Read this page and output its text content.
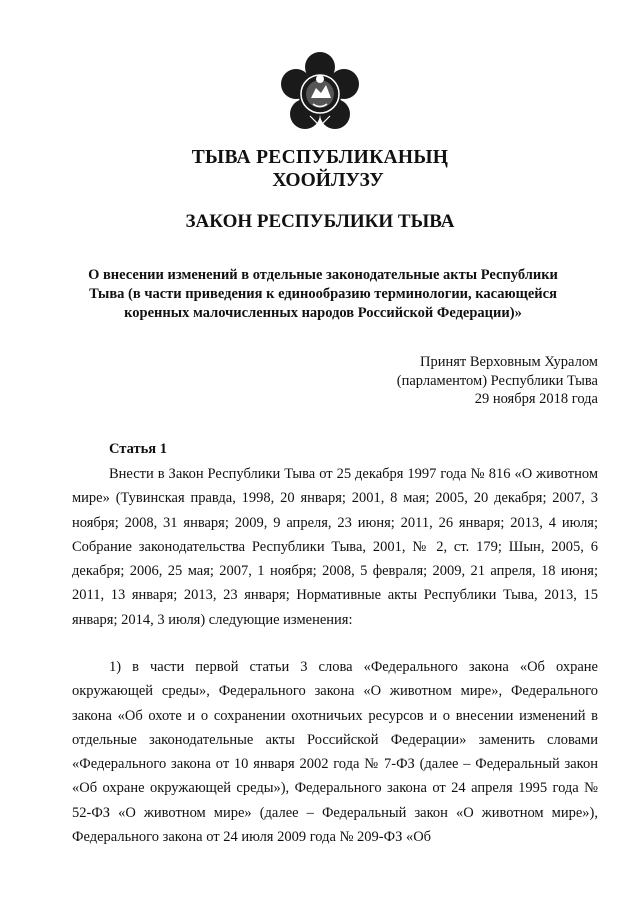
ТЫВА РЕСПУБЛИКАНЫҢ

ХООЙЛУЗУ

ЗАКОН РЕСПУБЛИКИ ТЫВА

О внесении изменений в отдельные законодательные акты Республики Тыва (в части приведения к единообразию терминологии, касающейся коренных малочисленных народов Российской Федерации)»

Принят Верховным Хуралом
(парламентом) Республики Тыва
29 ноября 2018 года

Статья 1

Внести в Закон Республики Тыва от 25 декабря 1997 года № 816 «О животном мире» (Тувинская правда, 1998, 20 января; 2001, 8 мая; 2005, 20 декабря; 2007, 3 ноября; 2008, 31 января; 2009, 9 апреля, 23 июня; 2011, 26 января; 2013, 4 июля; Собрание законодательства Республики Тыва, 2001, № 2, ст. 179; Шын, 2005, 6 декабря; 2006, 25 мая; 2007, 1 ноября; 2008, 5 февраля; 2009, 21 апреля, 18 июня; 2011, 13 января; 2013, 23 января; Нормативные акты Республики Тыва, 2013, 15 января; 2014, 3 июля) следующие изменения:

1) в части первой статьи 3 слова «Федерального закона «Об охране окружающей среды», Федерального закона «О животном мире», Федерального закона «Об охоте и о сохранении охотничьих ресурсов и о внесении изменений в отдельные законодательные акты Российской Федерации» заменить словами «Федерального закона от 10 января 2002 года № 7-ФЗ (далее – Федеральный закон «Об охране окружающей среды»), Федерального закона от 24 апреля 1995 года № 52-ФЗ «О животном мире» (далее – Федеральный закон «О животном мире»), Федерального закона от 24 июля 2009 года № 209-ФЗ «Об
